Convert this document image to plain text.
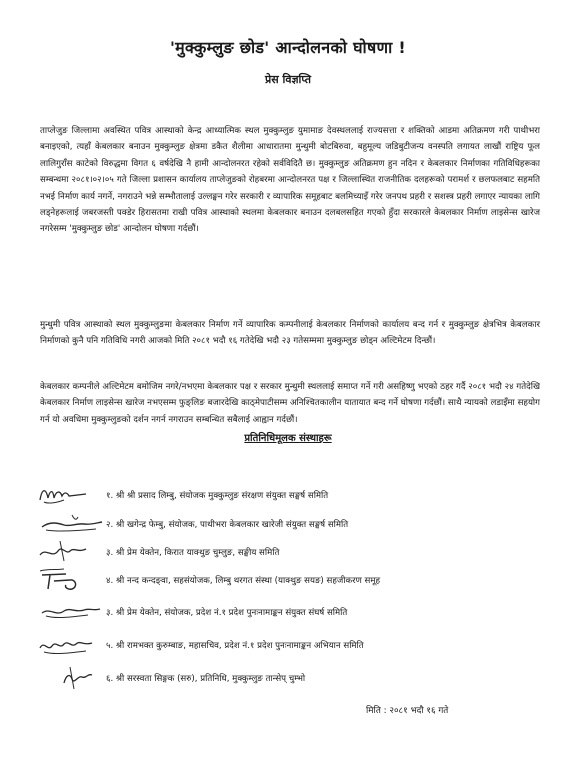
'मुक्कुम्लुङ छोड' आन्दोलनको घोषणा !
प्रेस विज्ञप्ति
ताप्लेजुङ जिल्लामा अवस्थित पवित्र आस्थाको केन्द्र आध्यात्मिक स्थल मुक्कुम्लुङ युमामाङ देवस्थललाई राज्यसत्ता र शक्तिको आडमा अतिक्रमण गरी पाथीभरा बनाइएको, त्यहाँ केबलकार बनाउन मुक्कुम्लुङ क्षेत्रमा डकैत शैलीमा आधारातमा मुन्धुमी बोटबिरुवा, बहुमूल्य जडिबुटीजन्य वनस्पति लगायत लाखौं राष्ट्रिय फूल लालिगुराँस काटेको विरुद्धमा विगत ६ वर्षदेखि नै हामी आन्दोलनरत रहेको सर्वविदितै छ। मुक्कुम्लुङ अतिक्रमण हुन नदिन र केबलकार निर्माणका गतिविधिहरूका सम्बन्धमा २०८१।०२।०५ गते जिल्ला प्रशासन कार्यालय ताप्लेजुङको रोहबरमा आन्दोलनरत पक्ष र जिल्लास्थित राजनीतिक दलहरूको परामर्श र छलफलबाट सहमति नभई निर्माण कार्य नगर्ने, नगराउने भन्ने सम्भौतालाई उल्लङ्घन गरेर सरकारी र व्यापारिक समूहबाट बलमिच्याइँ गरेर जनपथ प्रहरी र सशस्त्र प्रहरी लगाएर न्यायका लागि लड्नेहरूलाई जबरजस्ती पक्डेर हिरासतमा राखी पवित्र आस्थाको स्थलमा केबलकार बनाउन दलबलसहित गएको हुँदा सरकारले केबलकार निर्माण लाइसेन्स खारेज नगरेसम्म 'मुक्कुम्लुङ छोड' आन्दोलन घोषणा गर्दछौं।
मुन्धुमी पवित्र आस्थाको स्थल मुक्कुम्लुङमा केबलकार निर्माण गर्ने व्यापारिक कम्पनीलाई केबलकार निर्माणको कार्यालय बन्द गर्न र मुक्कुम्लुङ क्षेत्रभित्र केबलकार निर्माणको कुनै पनि गतिविधि नगरी आजको मिति २०८१ भदौ १६ गतेदेखि भदौ २३ गतेसम्ममा मुक्कुम्लुङ छोड्न अल्टिमेटम दिन्छौं।
केबलकार कम्पनीले अल्टिमेटम बमोजिम नगरे/नभएमा केबलकार पक्ष र सरकार मुन्धुमी स्थललाई समाप्त गर्ने गरी असहिष्णु भएको ठहर गर्दै २०८१ भदौ २४ गतेदेखि केबलकार निर्माण लाइसेन्स खारेज नभएसम्म फुङ्लिङ बजारदेखि काठ्मेपाटीसम्म अनिश्चितकालीन यातायात बन्द गर्ने घोषणा गर्दछौं। साथै न्यायको लडाइँमा सहयोग गर्न यो अवधिमा मुक्कुम्लुङको दर्शन नगर्न नगराउन सम्बन्धित सबैलाई आह्वान गर्दछौं।
प्रतिनिधिमूलक संस्थाहरू
१. श्री श्री प्रसाद लिम्बु, संयोजक मुक्कुम्लुङ संरक्षण संयुक्त सङ्घर्ष समिति
२. श्री खगेन्द्र फेम्बु, संयोजक, पाथीभरा केबलकार खारेजी संयुक्त सङ्घर्ष समिति
३. श्री प्रेम येक्तेन, किरात याक्थुङ चुम्लुङ, सङ्घीय समिति
४. श्री नन्द कन्दङ्वा, सहसंयोजक, लिम्बु थरगत संस्था (याक्थुङ सयङ) सहजीकरण समूह
३. श्री प्रेम येक्तेन, संयोजक, प्रदेश नं.१ प्रदेश पुनःनामाङ्कन संयुक्त संघर्ष समिति
५. श्री रामभक्त कुरुम्बाङ, महासचिव, प्रदेश नं.१ प्रदेश पुनःनामाङ्कन अभियान समिति
६. श्री सरस्वता सिङ्गक (सरु), प्रतिनिधि, मुक्कुम्लुङ तान्सेप् चुम्भो
मिति : २०८१ भदौ १६ गते
